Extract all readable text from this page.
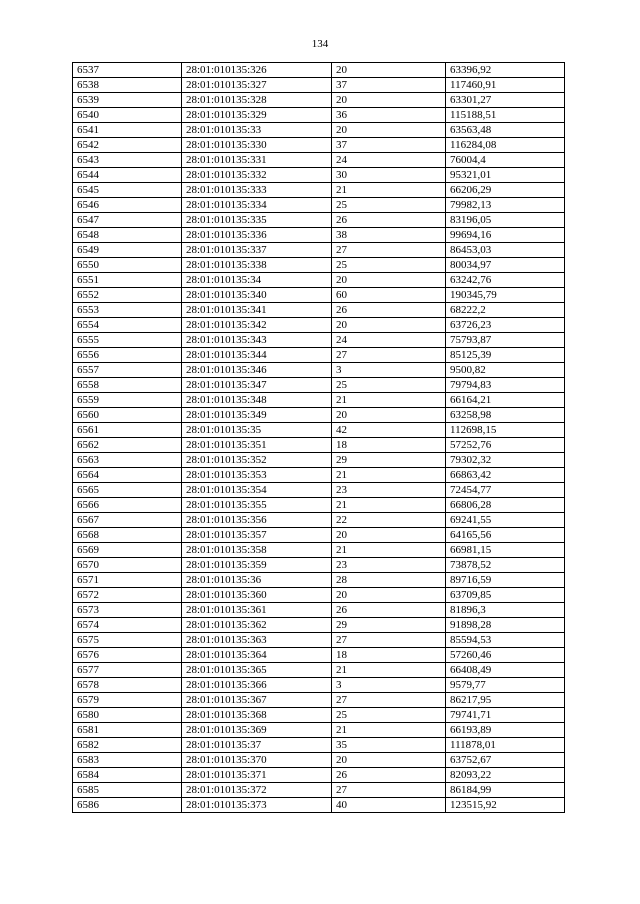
134
6537	28:01:010135:326	20	63396,92
6538	28:01:010135:327	37	117460,91
6539	28:01:010135:328	20	63301,27
6540	28:01:010135:329	36	115188,51
6541	28:01:010135:33	20	63563,48
6542	28:01:010135:330	37	116284,08
6543	28:01:010135:331	24	76004,4
6544	28:01:010135:332	30	95321,01
6545	28:01:010135:333	21	66206,29
6546	28:01:010135:334	25	79982,13
6547	28:01:010135:335	26	83196,05
6548	28:01:010135:336	38	99694,16
6549	28:01:010135:337	27	86453,03
6550	28:01:010135:338	25	80034,97
6551	28:01:010135:34	20	63242,76
6552	28:01:010135:340	60	190345,79
6553	28:01:010135:341	26	68222,2
6554	28:01:010135:342	20	63726,23
6555	28:01:010135:343	24	75793,87
6556	28:01:010135:344	27	85125,39
6557	28:01:010135:346	3	9500,82
6558	28:01:010135:347	25	79794,83
6559	28:01:010135:348	21	66164,21
6560	28:01:010135:349	20	63258,98
6561	28:01:010135:35	42	112698,15
6562	28:01:010135:351	18	57252,76
6563	28:01:010135:352	29	79302,32
6564	28:01:010135:353	21	66863,42
6565	28:01:010135:354	23	72454,77
6566	28:01:010135:355	21	66806,28
6567	28:01:010135:356	22	69241,55
6568	28:01:010135:357	20	64165,56
6569	28:01:010135:358	21	66981,15
6570	28:01:010135:359	23	73878,52
6571	28:01:010135:36	28	89716,59
6572	28:01:010135:360	20	63709,85
6573	28:01:010135:361	26	81896,3
6574	28:01:010135:362	29	91898,28
6575	28:01:010135:363	27	85594,53
6576	28:01:010135:364	18	57260,46
6577	28:01:010135:365	21	66408,49
6578	28:01:010135:366	3	9579,77
6579	28:01:010135:367	27	86217,95
6580	28:01:010135:368	25	79741,71
6581	28:01:010135:369	21	66193,89
6582	28:01:010135:37	35	111878,01
6583	28:01:010135:370	20	63752,67
6584	28:01:010135:371	26	82093,22
6585	28:01:010135:372	27	86184,99
6586	28:01:010135:373	40	123515,92
